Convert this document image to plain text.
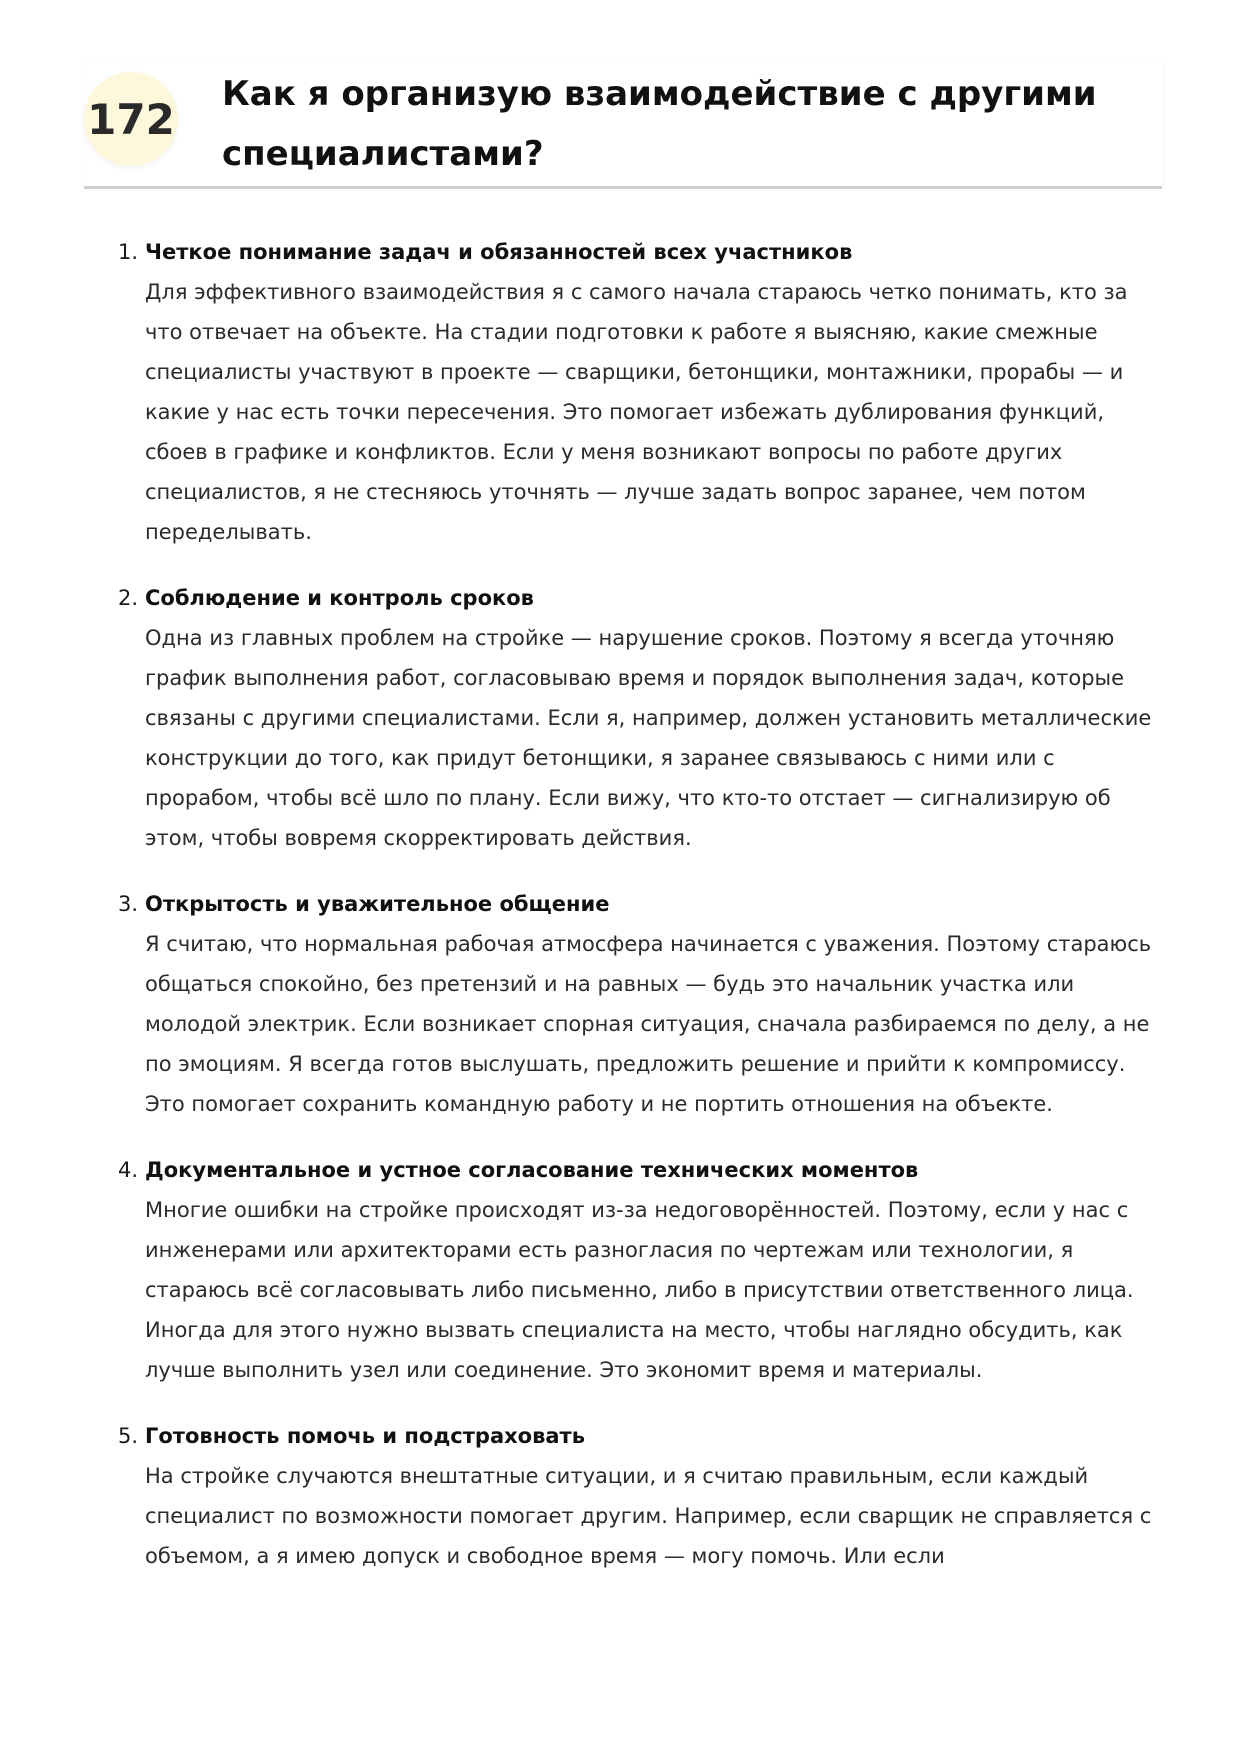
172
Как я организую взаимодействие с другими специалистами?
1. Четкое понимание задач и обязанностей всех участников

Для эффективного взаимодействия я с самого начала стараюсь четко понимать, кто за что отвечает на объекте. На стадии подготовки к работе я выясняю, какие смежные специалисты участвуют в проекте — сварщики, бетонщики, монтажники, прорабы — и какие у нас есть точки пересечения. Это помогает избежать дублирования функций, сбоев в графике и конфликтов. Если у меня возникают вопросы по работе других специалистов, я не стесняюсь уточнять — лучше задать вопрос заранее, чем потом переделывать.

2. Соблюдение и контроль сроков

Одна из главных проблем на стройке — нарушение сроков. Поэтому я всегда уточняю график выполнения работ, согласовываю время и порядок выполнения задач, которые связаны с другими специалистами. Если я, например, должен установить металлические конструкции до того, как придут бетонщики, я заранее связываюсь с ними или с прорабом, чтобы всё шло по плану. Если вижу, что кто-то отстает — сигнализирую об этом, чтобы вовремя скорректировать действия.

3. Открытость и уважительное общение

Я считаю, что нормальная рабочая атмосфера начинается с уважения. Поэтому стараюсь общаться спокойно, без претензий и на равных — будь это начальник участка или молодой электрик. Если возникает спорная ситуация, сначала разбираемся по делу, а не по эмоциям. Я всегда готов выслушать, предложить решение и прийти к компромиссу. Это помогает сохранить командную работу и не портить отношения на объекте.

4. Документальное и устное согласование технических моментов

Многие ошибки на стройке происходят из-за недоговорённостей. Поэтому, если у нас с инженерами или архитекторами есть разногласия по чертежам или технологии, я стараюсь всё согласовывать либо письменно, либо в присутствии ответственного лица. Иногда для этого нужно вызвать специалиста на место, чтобы наглядно обсудить, как лучше выполнить узел или соединение. Это экономит время и материалы.

5. Готовность помочь и подстраховать

На стройке случаются внештатные ситуации, и я считаю правильным, если каждый специалист по возможности помогает другим. Например, если сварщик не справляется с объемом, а я имею допуск и свободное время — могу помочь. Или если
